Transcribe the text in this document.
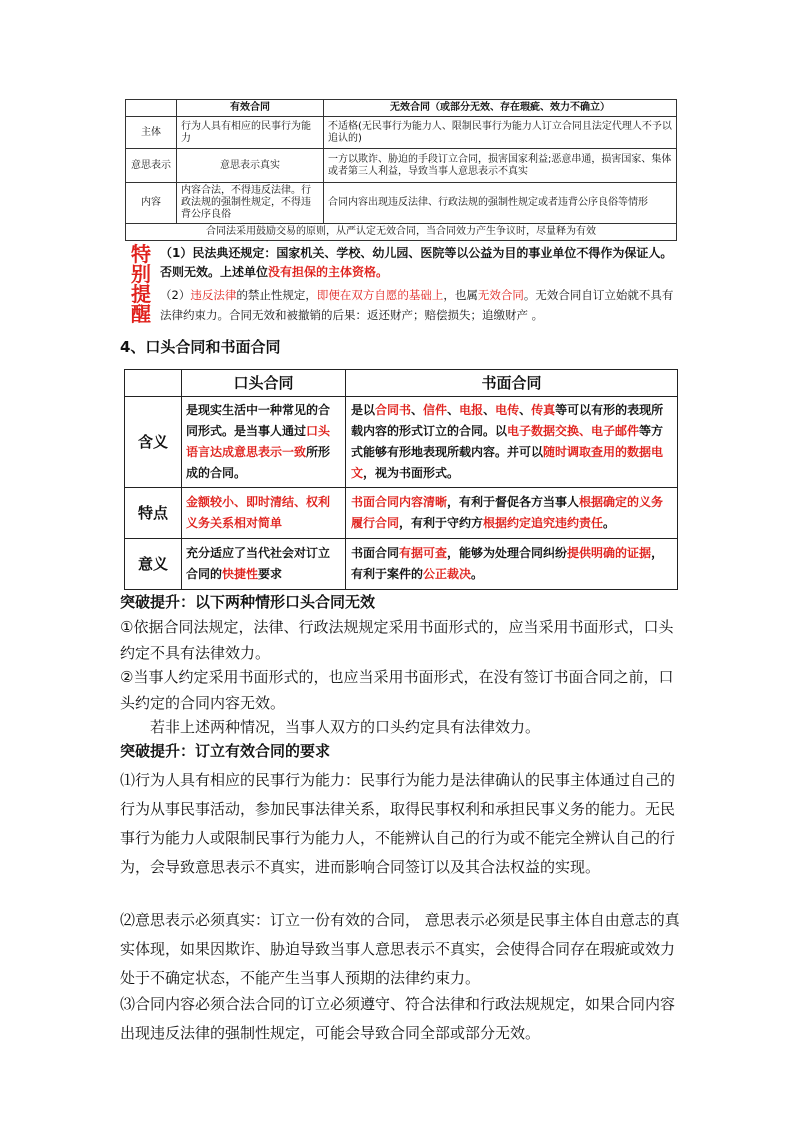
	有效合同	无效合同（或部分无效、存在瑕疵、效力不确立）
主体	行为人具有相应的民事行为能力	不适格(无民事行为能力人、限制民事行为能力人订立合同且法定代理人不予以追认的)
意思表示	意思表示真实	一方以欺诈、胁迫的手段订立合同，损害国家利益;恶意串通，损害国家、集体或者第三人利益，导致当事人意思表示不真实
内容	内容合法，不得违反法律。行政法规的强制性规定，不得违背公序良俗	合同内容出现违反法律、行政法规的强制性规定或者违背公序良俗等情形
合同法采用鼓励交易的原则，从严认定无效合同，当合同效力产生争议时，尽量释为有效		
特
别
提
醒
（1）民法典还规定：国家机关、学校、幼儿园、医院等以公益为目的事业单位不得作为保证人。否则无效。上述单位没有担保的主体资格。
（2）违反法律的禁止性规定，即便在双方自愿的基础上，也属无效合同。无效合同自订立始就不具有法律约束力。合同无效和被撤销的后果：返还财产；赔偿损失；追缴财产 。
4、口头合同和书面合同
	口头合同	书面合同
含义	是现实生活中一种常见的合同形式。是当事人通过口头语言达成意思表示一致所形成的合同。	是以合同书、信件、电报、电传、传真等可以有形的表现所载内容的形式订立的合同。以电子数据交换、电子邮件等方式能够有形地表现所载内容。并可以随时调取查用的数据电文，视为书面形式。
特点	金额较小、即时清结、权利义务关系相对简单	书面合同内容清晰，有利于督促各方当事人根据确定的义务履行合同，有利于守约方根据约定追究违约责任。
意义	充分适应了当代社会对订立合同的快捷性要求	书面合同有据可查，能够为处理合同纠纷提供明确的证据，有利于案件的公正裁决。
突破提升：以下两种情形口头合同无效
①依据合同法规定，法律、行政法规规定采用书面形式的，应当采用书面形式，口头约定不具有法律效力。
②当事人约定采用书面形式的，也应当采用书面形式，在没有签订书面合同之前，口头约定的合同内容无效。
若非上述两种情况，当事人双方的口头约定具有法律效力。
突破提升：订立有效合同的要求
⑴行为人具有相应的民事行为能力：民事行为能力是法律确认的民事主体通过自己的行为从事民事活动，参加民事法律关系，取得民事权利和承担民事义务的能力。无民事行为能力人或限制民事行为能力人，不能辨认自己的行为或不能完全辨认自己的行为，会导致意思表示不真实，进而影响合同签订以及其合法权益的实现。
⑵意思表示必须真实：订立一份有效的合同， 意思表示必须是民事主体自由意志的真实体现，如果因欺诈、胁迫导致当事人意思表示不真实，会使得合同存在瑕疵或效力处于不确定状态，不能产生当事人预期的法律约束力。
⑶合同内容必须合法合同的订立必须遵守、符合法律和行政法规规定，如果合同内容出现违反法律的强制性规定，可能会导致合同全部或部分无效。
